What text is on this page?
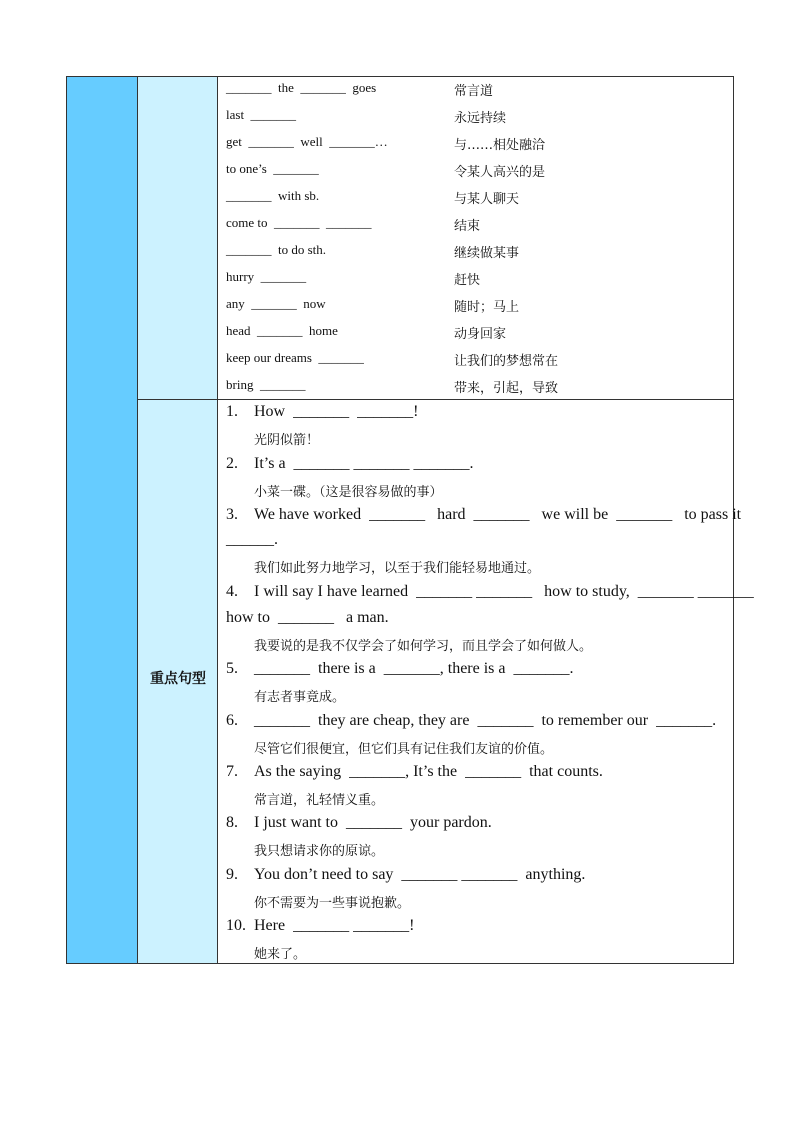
重点句型
_______  the  _______  goes	常言道
last  _______	永远持续
get  _______  well  _______…	与……相处融洽
to one’s  _______	令某人高兴的是
_______  with sb.	与某人聊天
come to  _______  _______	结束
_______  to do sth.	继续做某事
hurry  _______	赶快
any  _______  now	随时；马上
head  _______  home	动身回家
keep our dreams  _______	让我们的梦想常在
bring  _______	带来，引起，导致
1. How  _______  _______!
光阴似箭！
2. It’s a  _______ _______ _______.
小菜一碟。（这是很容易做的事）
3. We have worked  _______   hard  _______   we will be  _______   to pass it
______.
我们如此努力地学习，以至于我们能轻易地通过。
4. I will say I have learned  _______ _______   how to study,  _______ _______
how to  _______   a man.
我要说的是我不仅学会了如何学习，而且学会了如何做人。
5. _______  there is a  _______, there is a  _______.
有志者事竟成。
6. _______  they are cheap, they are  _______  to remember our  _______.
尽管它们很便宜，但它们具有记住我们友谊的价值。
7. As the saying  _______, It’s the  _______  that counts.
常言道，礼轻情义重。
8. I just want to  _______  your pardon.
我只想请求你的原谅。
9. You don’t need to say  _______ _______  anything.
你不需要为一些事说抱歉。
10. Here  _______ _______!
她来了。
